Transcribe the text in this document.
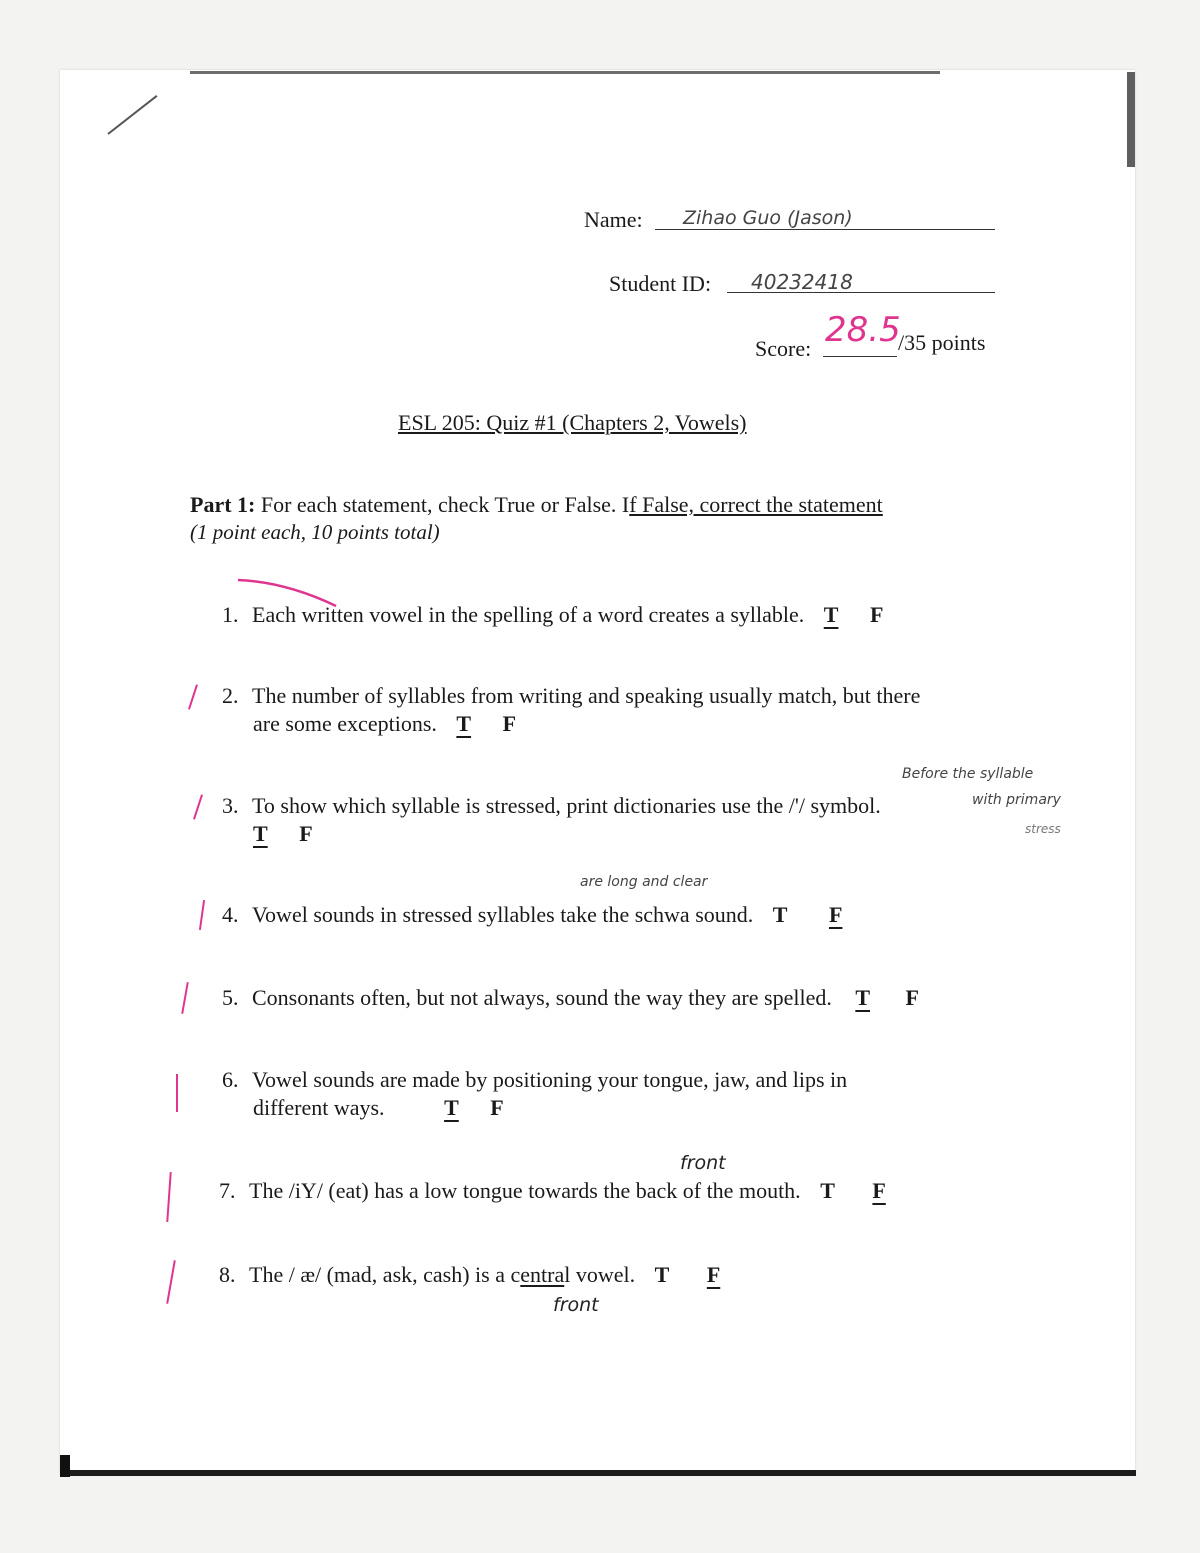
Name: Zihao Guo (Jason)
Student ID: 40232418
Score: 28.5
/35 points
ESL 205: Quiz #1 (Chapters 2, Vowels)
Part 1: For each statement, check True or False. If False, correct the statement
(1 point each, 10 points total)
1. Each written vowel in the spelling of a word creates a syllable. T F
2. The number of syllables from writing and speaking usually match, but there
are some exceptions. T F
Before the syllable
with primary
stress
3. To show which syllable is stressed, print dictionaries use the /'/ symbol.
T F
are long and clear
4. Vowel sounds in stressed syllables take the schwa sound. T F
5. Consonants often, but not always, sound the way they are spelled. T F
6. Vowel sounds are made by positioning your tongue, jaw, and lips in
different ways.	T F
front
7. The /iY/ (eat) has a low tongue towards the back of the mouth. T F
8. The / æ/ (mad, ask, cash) is a central vowel. T F
front
